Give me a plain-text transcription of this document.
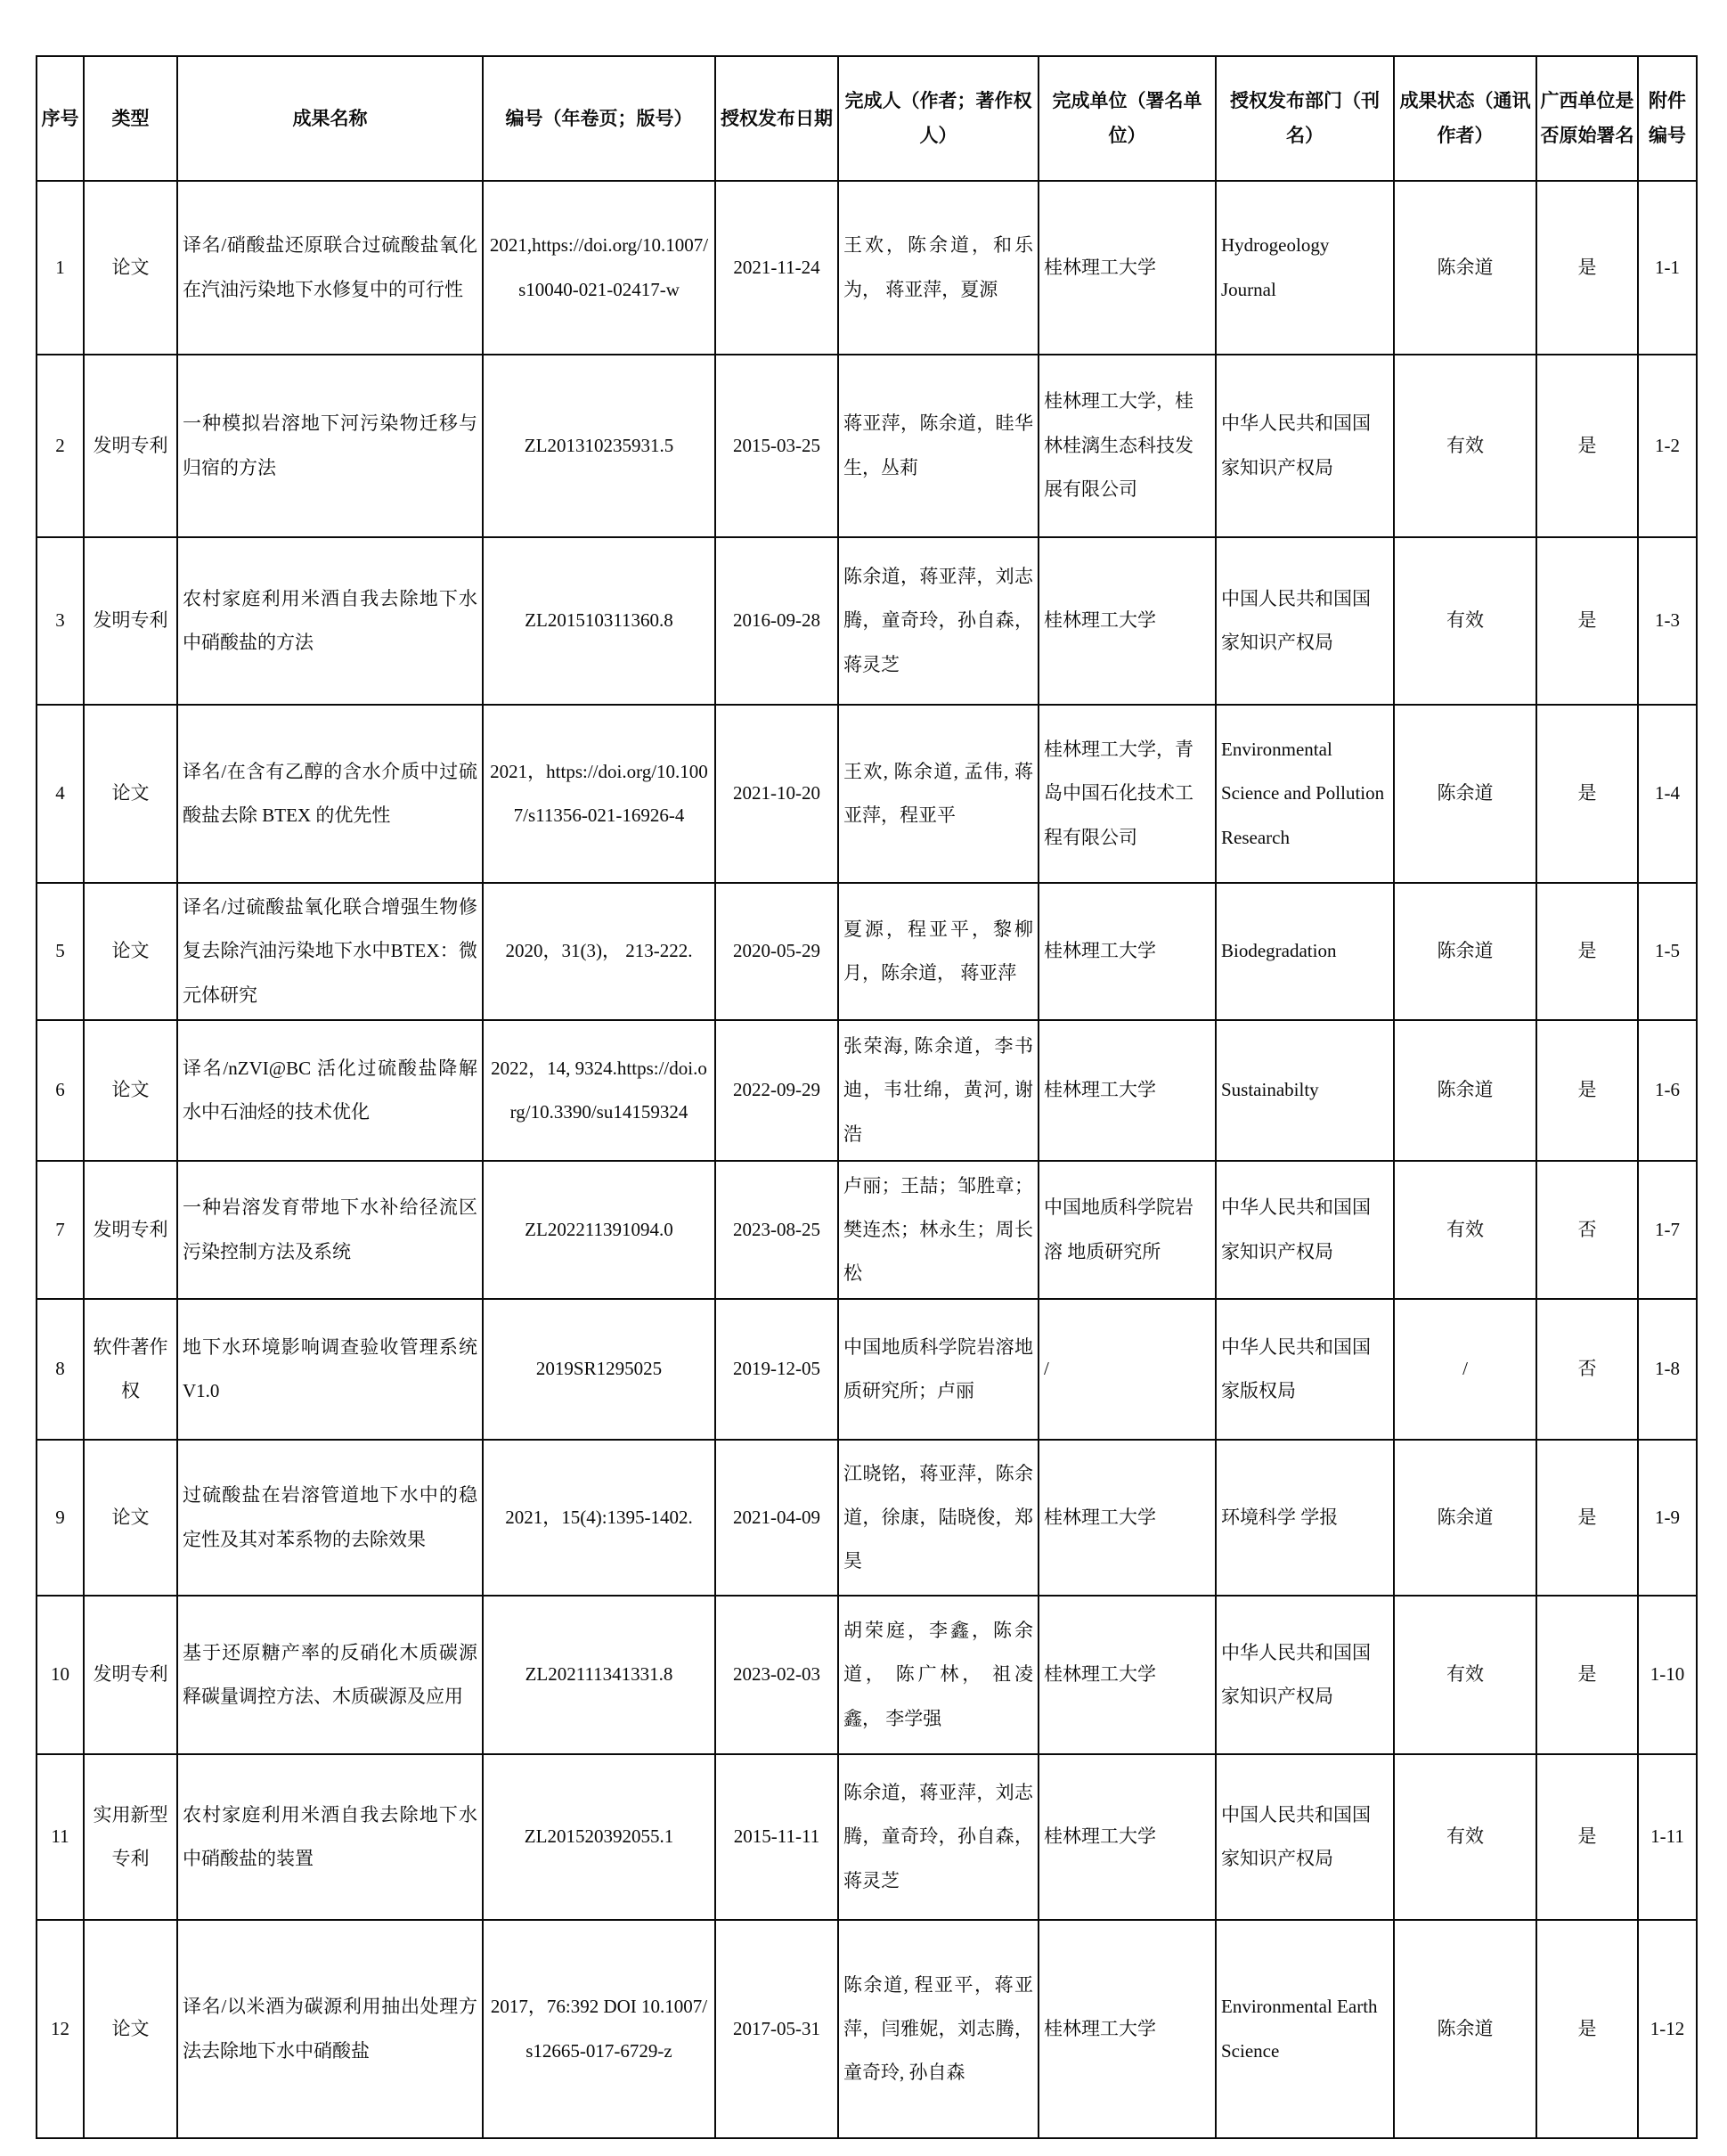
序号	类型	成果名称	编号（年卷页；版号）	授权发布日期	完成人（作者；著作权人）	完成单位（署名单位）	授权发布部门（刊名）	成果状态（通讯作者）	广西单位是否原始署名	附件编号
1	论文	译名/硝酸盐还原联合过硫酸盐氧化在汽油污染地下水修复中的可行性	2021,https://doi.org/10.1007/s10040-021-02417-w	2021-11-24	王欢，陈余道，和乐为， 蒋亚萍，夏源	桂林理工大学	Hydrogeology Journal	陈余道	是	1-1
2	发明专利	一种模拟岩溶地下河污染物迁移与归宿的方法	ZL201310235931.5	2015-03-25	蒋亚萍，陈余道，眭华生，丛莉	桂林理工大学，桂林桂漓生态科技发展有限公司	中华人民共和国国家知识产权局	有效	是	1-2
3	发明专利	农村家庭利用米酒自我去除地下水中硝酸盐的方法	ZL201510311360.8	2016-09-28	陈余道，蒋亚萍，刘志腾，童奇玲，孙自森，蒋灵芝	桂林理工大学	中国人民共和国国家知识产权局	有效	是	1-3
4	论文	译名/在含有乙醇的含水介质中过硫酸盐去除 BTEX 的优先性	2021，https://doi.org/10.1007/s11356-021-16926-4	2021-10-20	王欢, 陈余道, 孟伟, 蒋亚萍，程亚平	桂林理工大学，青岛中国石化技术工程有限公司	Environmental Science and Pollution Research	陈余道	是	1-4
5	论文	译名/过硫酸盐氧化联合增强生物修复去除汽油污染地下水中BTEX：微元体研究	2020，31(3)， 213-222.	2020-05-29	夏源，程亚平，黎柳月，陈余道， 蒋亚萍	桂林理工大学	Biodegradation	陈余道	是	1-5
6	论文	译名/nZVI@BC 活化过硫酸盐降解水中石油烃的技术优化	2022，14, 9324.https://doi.org/10.3390/su14159324	2022-09-29	张荣海, 陈余道，李书迪，韦壮绵，黄河, 谢浩	桂林理工大学	Sustainabilty	陈余道	是	1-6
7	发明专利	一种岩溶发育带地下水补给径流区污染控制方法及系统	ZL202211391094.0	2023-08-25	卢丽；王喆；邹胜章；樊连杰；林永生；周长松	中国地质科学院岩溶 地质研究所	中华人民共和国国家知识产权局	有效	否	1-7
8	软件著作权	地下水环境影响调查验收管理系统 V1.0	2019SR1295025	2019-12-05	中国地质科学院岩溶地质研究所；卢丽	/	中华人民共和国国家版权局	/	否	1-8
9	论文	过硫酸盐在岩溶管道地下水中的稳定性及其对苯系物的去除效果	2021，15(4):1395-1402.	2021-04-09	江晓铭，蒋亚萍，陈余道，徐康，陆晓俊，郑昊	桂林理工大学	环境科学 学报	陈余道	是	1-9
10	发明专利	基于还原糖产率的反硝化木质碳源释碳量调控方法、木质碳源及应用	ZL202111341331.8	2023-02-03	胡荣庭，李鑫，陈余道， 陈广林， 祖凌鑫， 李学强	桂林理工大学	中华人民共和国国家知识产权局	有效	是	1-10
11	实用新型专利	农村家庭利用米酒自我去除地下水中硝酸盐的装置	ZL201520392055.1	2015-11-11	陈余道，蒋亚萍，刘志腾，童奇玲，孙自森， 蒋灵芝	桂林理工大学	中国人民共和国国家知识产权局	有效	是	1-11
12	论文	译名/以米酒为碳源利用抽出处理方法去除地下水中硝酸盐	2017，76:392 DOI 10.1007/s12665-017-6729-z	2017-05-31	陈余道, 程亚平，蒋亚萍，闫雅妮，刘志腾，童奇玲, 孙自森	桂林理工大学	Environmental Earth Science	陈余道	是	1-12
